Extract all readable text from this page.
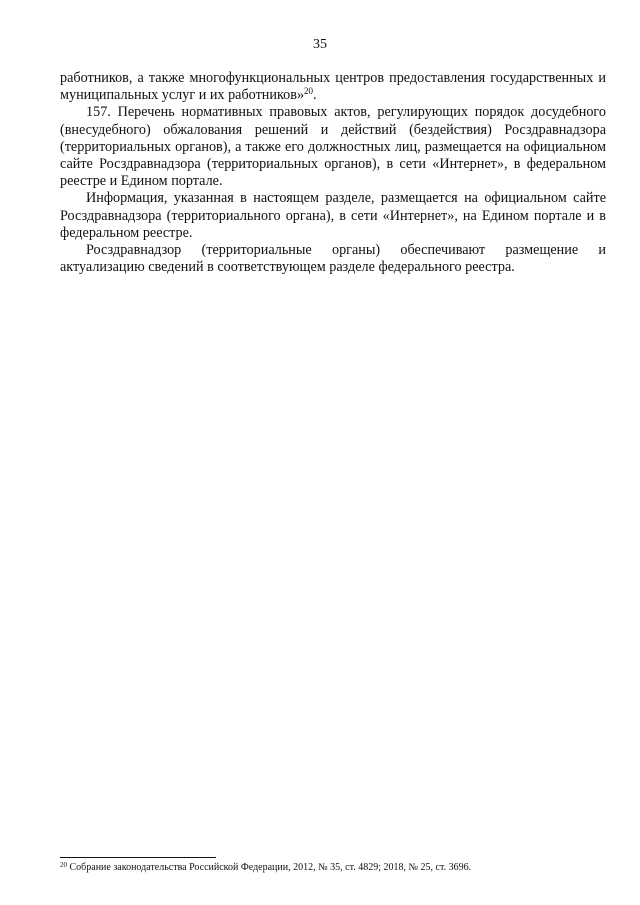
35

работников, а также многофункциональных центров предоставления государственных и муниципальных услуг и их работников»$^{20}$.

157. Перечень нормативных правовых актов, регулирующих порядок досудебного (внесудебного) обжалования решений и действий (бездействия) Росздравнадзора (территориальных органов), а также его должностных лиц, размещается на официальном сайте Росздравнадзора (территориальных органов), в сети «Интернет», в федеральном реестре и Едином портале.

Информация, указанная в настоящем разделе, размещается на официальном сайте Росздравнадзора (территориального органа), в сети «Интернет», на Едином портале и в федеральном реестре.

Росздравнадзор (территориальные органы) обеспечивают размещение и актуализацию сведений в соответствующем разделе федерального реестра.

$^{20}$ Собрание законодательства Российской Федерации, 2012, № 35, ст. 4829; 2018, № 25, ст. 3696.
